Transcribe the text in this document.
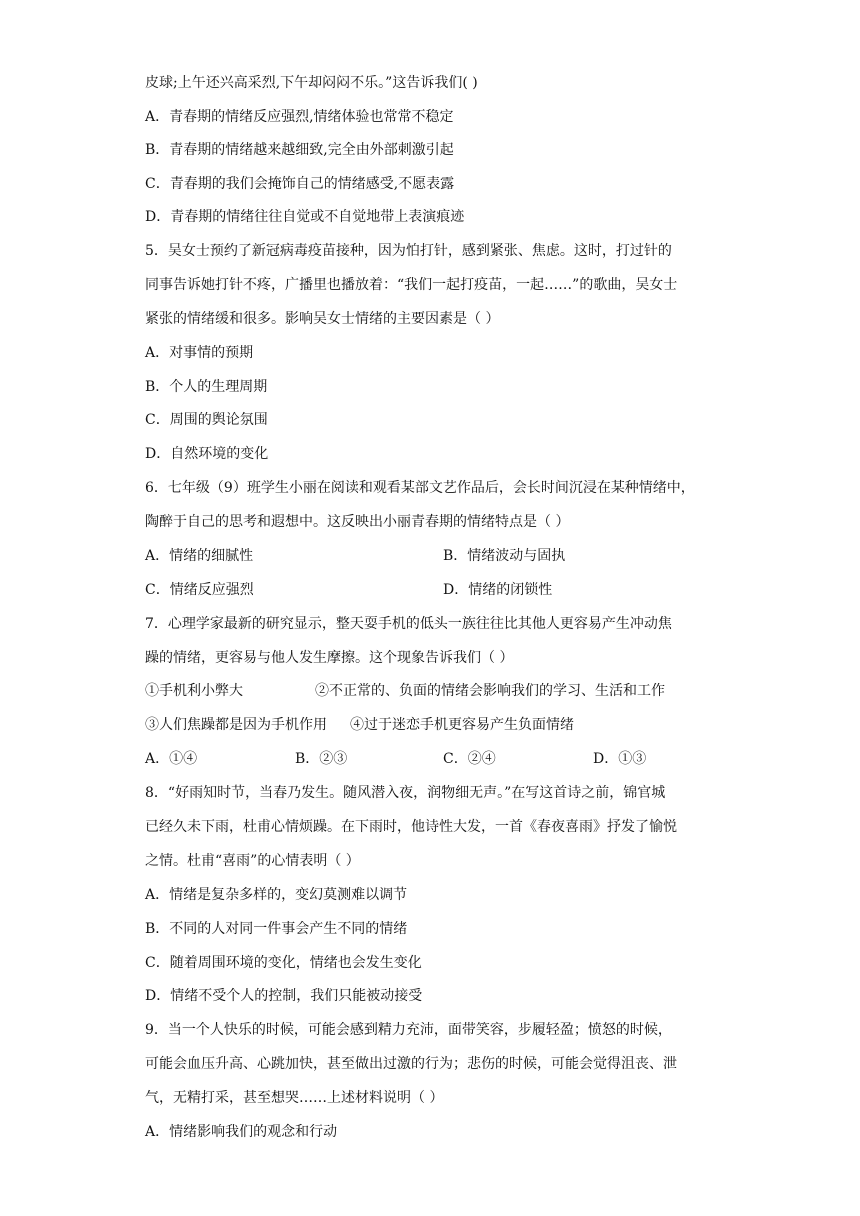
皮球;上午还兴高采烈,下午却闷闷不乐。”这告诉我们( )
A．青春期的情绪反应强烈,情绪体验也常常不稳定
B．青春期的情绪越来越细致,完全由外部刺激引起
C．青春期的我们会掩饰自己的情绪感受,不愿表露
D．青春期的情绪往往自觉或不自觉地带上表演痕迹
5．吴女士预约了新冠病毒疫苗接种，因为怕打针，感到紧张、焦虑。这时，打过针的
同事告诉她打针不疼，广播里也播放着：“我们一起打疫苗，一起……”的歌曲，吴女士
紧张的情绪缓和很多。影响吴女士情绪的主要因素是（ ）
A．对事情的预期
B．个人的生理周期
C．周围的舆论氛围
D．自然环境的变化
6．七年级（9）班学生小丽在阅读和观看某部文艺作品后，会长时间沉浸在某种情绪中，
陶醉于自己的思考和遐想中。这反映出小丽青春期的情绪特点是（ ）
A．情绪的细腻性	B．情绪波动与固执
C．情绪反应强烈	D．情绪的闭锁性
7．心理学家最新的研究显示，整天耍手机的低头一族往往比其他人更容易产生冲动焦
躁的情绪，更容易与他人发生摩擦。这个现象告诉我们（ ）
①手机利小弊大	②不正常的、负面的情绪会影响我们的学习、生活和工作
③人们焦躁都是因为手机作用 ④过于迷恋手机更容易产生负面情绪
A．①④	B．②③	C．②④	D．①③
8．“好雨知时节，当春乃发生。随风潜入夜，润物细无声。”在写这首诗之前，锦官城
已经久未下雨，杜甫心情烦躁。在下雨时，他诗性大发，一首《春夜喜雨》抒发了愉悦
之情。杜甫“喜雨”的心情表明（ ）
A．情绪是复杂多样的，变幻莫测难以调节
B．不同的人对同一件事会产生不同的情绪
C．随着周围环境的变化，情绪也会发生变化
D．情绪不受个人的控制，我们只能被动接受
9．当一个人快乐的时候，可能会感到精力充沛，面带笑容，步履轻盈；愤怒的时候，
可能会血压升高、心跳加快，甚至做出过激的行为；悲伤的时候，可能会觉得沮丧、泄
气，无精打采，甚至想哭……上述材料说明（ ）
A．情绪影响我们的观念和行动
